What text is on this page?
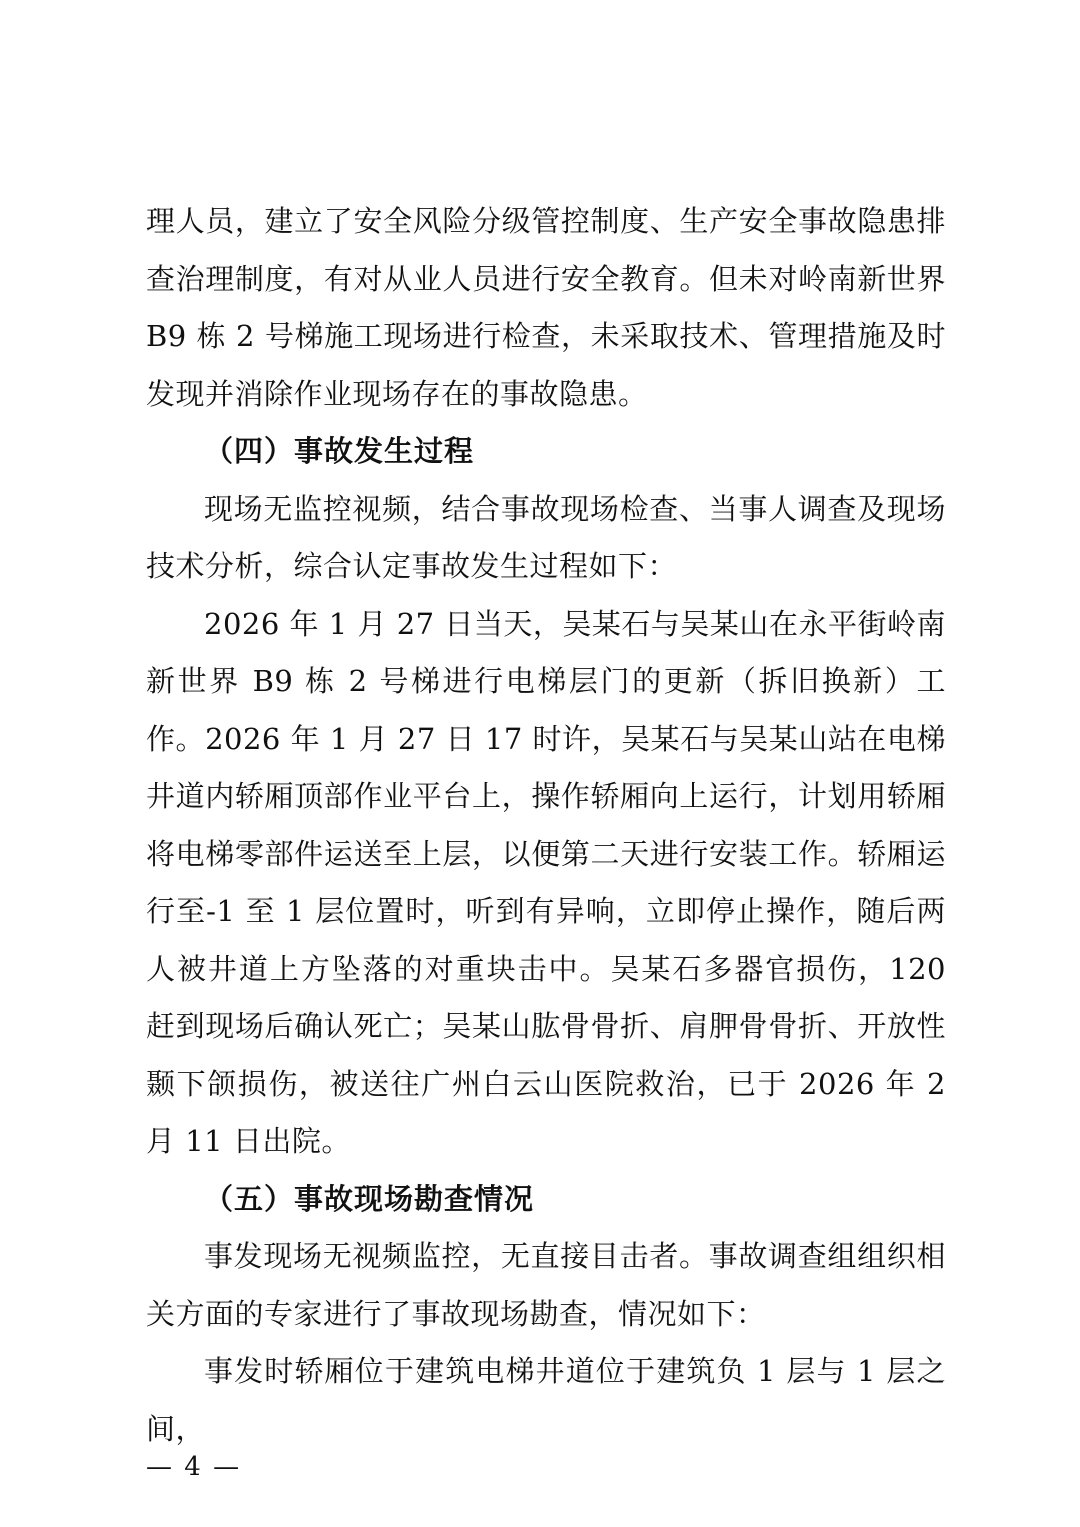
理人员，建立了安全风险分级管控制度、生产安全事故隐患排查治理制度，有对从业人员进行安全教育。但未对岭南新世界 B9 栋 2 号梯施工现场进行检查，未采取技术、管理措施及时发现并消除作业现场存在的事故隐患。

（四）事故发生过程

现场无监控视频，结合事故现场检查、当事人调查及现场技术分析，综合认定事故发生过程如下：

2026 年 1 月 27 日当天，吴某石与吴某山在永平街岭南新世界 B9 栋 2 号梯进行电梯层门的更新（拆旧换新）工作。2026 年 1 月 27 日 17 时许，吴某石与吴某山站在电梯井道内轿厢顶部作业平台上，操作轿厢向上运行，计划用轿厢将电梯零部件运送至上层，以便第二天进行安装工作。轿厢运行至-1 至 1 层位置时，听到有异响，立即停止操作，随后两人被井道上方坠落的对重块击中。吴某石多器官损伤，120 赶到现场后确认死亡；吴某山肱骨骨折、肩胛骨骨折、开放性颞下颌损伤，被送往广州白云山医院救治，已于 2026 年 2 月 11 日出院。

（五）事故现场勘查情况

事发现场无视频监控，无直接目击者。事故调查组组织相关方面的专家进行了事故现场勘查，情况如下：

事发时轿厢位于建筑电梯井道位于建筑负 1 层与 1 层之间，

— 4 —
